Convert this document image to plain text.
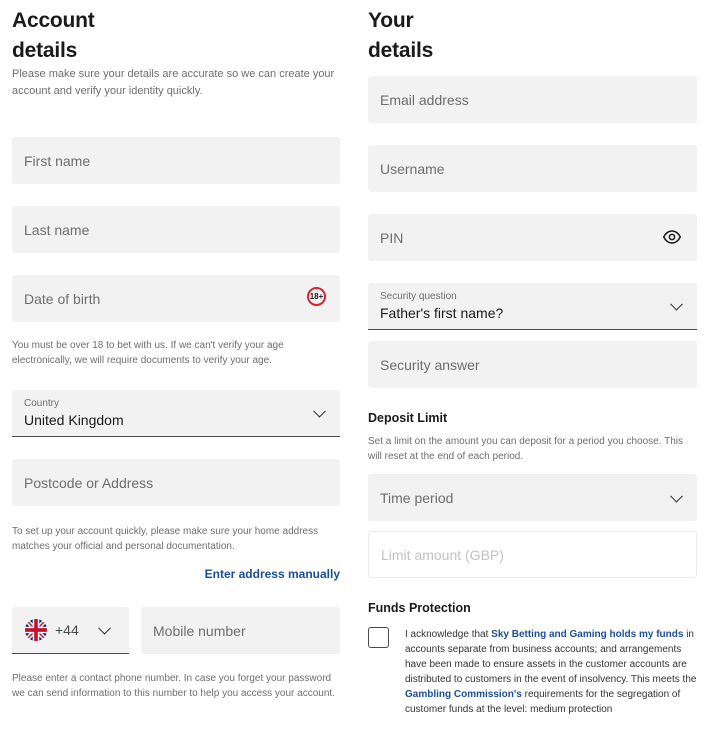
Account
details
Please make sure your details are accurate so we can create your account and verify your identity quickly.
First name
Last name
Date of birth	18+
You must be over 18 to bet with us. If we can't verify your age electronically, we will require documents to verify your age.
Country
United Kingdom
Postcode or Address
To set up your account quickly, please make sure your home address matches your official and personal documentation.
Enter address manually
+44	Mobile number
Please enter a contact phone number. In case you forget your password we can send information to this number to help you access your account.
Your
details
Email address
Username
PIN
Security question
Father's first name?
Security answer
Deposit Limit
Set a limit on the amount you can deposit for a period you choose. This will reset at the end of each period.
Time period
Limit amount (GBP)
Funds Protection
I acknowledge that Sky Betting and Gaming holds my funds in accounts separate from business accounts; and arrangements have been made to ensure assets in the customer accounts are distributed to customers in the event of insolvency. This meets the Gambling Commission's requirements for the segregation of customer funds at the level: medium protection
